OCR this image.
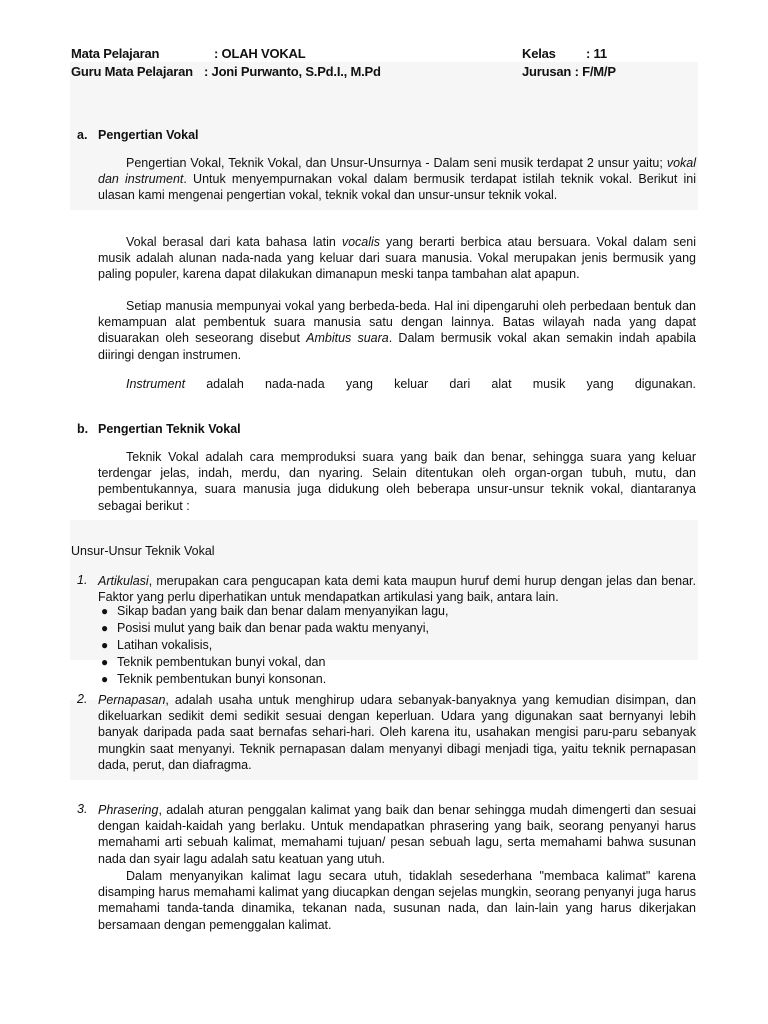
Mata Pelajaran	: OLAH VOKAL	Kelas : 11
Guru Mata Pelajaran : Joni Purwanto, S.Pd.I., M.Pd	Jurusan : F/M/P
a. Pengertian Vokal

Pengertian Vokal, Teknik Vokal, dan Unsur-Unsurnya - Dalam seni musik terdapat 2 unsur yaitu; vokal dan instrument. Untuk menyempurnakan vokal dalam bermusik terdapat istilah teknik vokal. Berikut ini ulasan kami mengenai pengertian vokal, teknik vokal dan unsur-unsur teknik vokal.

Vokal berasal dari kata bahasa latin vocalis yang berarti berbica atau bersuara. Vokal dalam seni musik adalah alunan nada-nada yang keluar dari suara manusia. Vokal merupakan jenis bermusik yang paling populer, karena dapat dilakukan dimanapun meski tanpa tambahan alat apapun.

Setiap manusia mempunyai vokal yang berbeda-beda. Hal ini dipengaruhi oleh perbedaan bentuk dan kemampuan alat pembentuk suara manusia satu dengan lainnya. Batas wilayah nada yang dapat disuarakan oleh seseorang disebut Ambitus suara. Dalam bermusik vokal akan semakin indah apabila diiringi dengan instrumen.

Instrument adalah nada-nada yang keluar dari alat musik yang digunakan.

b. Pengertian Teknik Vokal

Teknik Vokal adalah cara memproduksi suara yang baik dan benar, sehingga suara yang keluar terdengar jelas, indah, merdu, dan nyaring. Selain ditentukan oleh organ-organ tubuh, mutu, dan pembentukannya, suara manusia juga didukung oleh beberapa unsur-unsur teknik vokal, diantaranya sebagai berikut :

Unsur-Unsur Teknik Vokal
1. Artikulasi, merupakan cara pengucapan kata demi kata maupun huruf demi hurup dengan jelas dan benar. Faktor yang perlu diperhatikan untuk mendapatkan artikulasi yang baik, antara lain.

● Sikap badan yang baik dan benar dalam menyanyikan lagu,
● Posisi mulut yang baik dan benar pada waktu menyanyi,
● Latihan vokalisis,
● Teknik pembentukan bunyi vokal, dan
● Teknik pembentukan bunyi konsonan.
2. Pernapasan, adalah usaha untuk menghirup udara sebanyak-banyaknya yang kemudian disimpan, dan dikeluarkan sedikit demi sedikit sesuai dengan keperluan. Udara yang digunakan saat bernyanyi lebih banyak daripada pada saat bernafas sehari-hari. Oleh karena itu, usahakan mengisi paru-paru sebanyak mungkin saat menyanyi. Teknik pernapasan dalam menyanyi dibagi menjadi tiga, yaitu teknik pernapasan dada, perut, dan diafragma.

3. Phrasering, adalah aturan penggalan kalimat yang baik dan benar sehingga mudah dimengerti dan sesuai dengan kaidah-kaidah yang berlaku. Untuk mendapatkan phrasering yang baik, seorang penyanyi harus memahami arti sebuah kalimat, memahami tujuan/ pesan sebuah lagu, serta memahami bahwa susunan nada dan syair lagu adalah satu keatuan yang utuh.

Dalam menyanyikan kalimat lagu secara utuh, tidaklah sesederhana "membaca kalimat" karena disamping harus memahami kalimat yang diucapkan dengan sejelas mungkin, seorang penyanyi juga harus memahami tanda-tanda dinamika, tekanan nada, susunan nada, dan lain-lain yang harus dikerjakan bersamaan dengan pemenggalan kalimat.
